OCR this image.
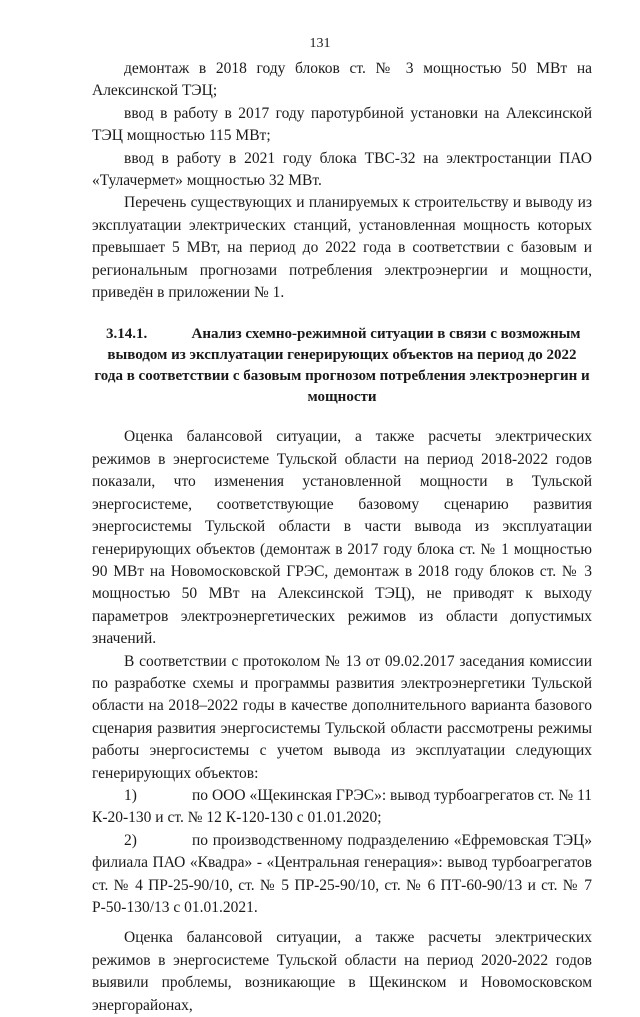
131

демонтаж в 2018 году блоков ст. № 3 мощностью 50 МВт на Алексинской ТЭЦ;

ввод в работу в 2017 году паротурбиной установки на Алексинской ТЭЦ мощностью 115 МВт;

ввод в работу в 2021 году блока ТВС-32 на электростанции ПАО «Тулачермет» мощностью 32 МВт.

Перечень существующих и планируемых к строительству и выводу из эксплуатации электрических станций, установленная мощность которых превышает 5 МВт, на период до 2022 года в соответствии с базовым и региональным прогнозами потребления электроэнергии и мощности, приведён в приложении № 1.

3.14.1.	Анализ схемно-режимной ситуации в связи с возможным
выводом из эксплуатации генерирующих объектов на период до 2022 года в соответствии с базовым прогнозом потребления электроэнергин и мощности

Оценка балансовой ситуации, а также расчеты электрических режимов в энергосистеме Тульской области на период 2018-2022 годов показали, что изменения установленной мощности в Тульской энергосистеме, соответствующие базовому сценарию развития энергосистемы Тульской области в части вывода из эксплуатации генерирующих объектов (демонтаж в 2017 году блока ст. № 1 мощностью 90 МВт на Новомосковской ГРЭС, демонтаж в 2018 году блоков ст. № 3 мощностью 50 МВт на Алексинской ТЭЦ), не приводят к выходу параметров электроэнергетических режимов из области допустимых значений.

В соответствии с протоколом № 13 от 09.02.2017 заседания комиссии по разработке схемы и программы развития электроэнергетики Тульской области на 2018–2022 годы в качестве дополнительного варианта базового сценария развития энергосистемы Тульской области рассмотрены режимы работы энергосистемы с учетом вывода из эксплуатации следующих генерирующих объектов:

1)	по ООО «Щекинская ГРЭС»: вывод турбоагрегатов ст. № 11 К-20-130 и ст. № 12 К-120-130 с 01.01.2020;

2)	по производственному подразделению «Ефремовская ТЭЦ» филиала ПАО «Квадра» - «Центральная генерация»: вывод турбоагрегатов ст. № 4 ПР-25-90/10, ст. № 5 ПР-25-90/10, ст. № 6 ПТ-60-90/13 и ст. № 7 Р-50-130/13 с 01.01.2021.

Оценка балансовой ситуации, а также расчеты электрических режимов в энергосистеме Тульской области на период 2020-2022 годов выявили проблемы, возникающие в Щекинском и Новомосковском энергорайонах,
